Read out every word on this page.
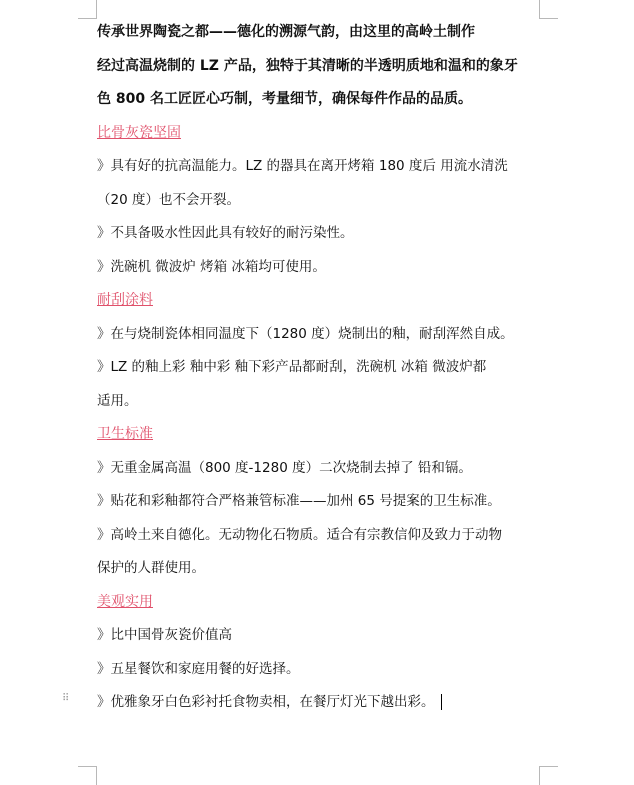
⠿
传承世界陶瓷之都——德化的溯源气韵，由这里的高岭土制作
经过高温烧制的 LZ 产品，独特于其清晰的半透明质地和温和的象牙
色 800 名工匠匠心巧制，考量细节，确保每件作品的品质。
比骨灰瓷坚固
》具有好的抗高温能力。LZ 的器具在离开烤箱 180 度后 用流水清洗
（20 度）也不会开裂。
》不具备吸水性因此具有较好的耐污染性。
》洗碗机 微波炉 烤箱 冰箱均可使用。
耐刮涂料
》在与烧制瓷体相同温度下（1280 度）烧制出的釉，耐刮浑然自成。
》LZ 的釉上彩 釉中彩 釉下彩产品都耐刮，洗碗机 冰箱 微波炉都
适用。
卫生标准
》无重金属高温（800 度-1280 度）二次烧制去掉了 铅和镉。
》贴花和彩釉都符合严格兼管标准——加州 65 号提案的卫生标准。
》高岭土来自德化。无动物化石物质。适合有宗教信仰及致力于动物
保护的人群使用。
美观实用
》比中国骨灰瓷价值高
》五星餐饮和家庭用餐的好选择。
》优雅象牙白色彩衬托食物卖相，在餐厅灯光下越出彩。
